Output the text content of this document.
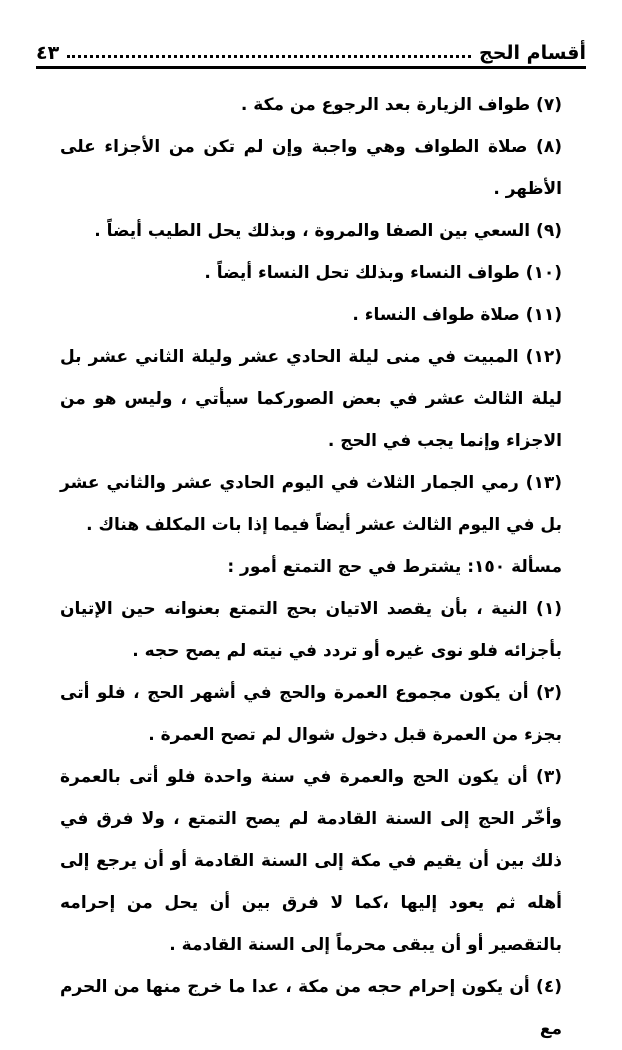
أقسام الحج
٤٣

(٧) طواف الزيارة بعد الرجوع من مكة .

(٨) صلاة الطواف وهي واجبة وإن لم تكن من الأجزاء على الأظهر .

(٩) السعي بين الصفا والمروة ، وبذلك يحل الطيب أيضاً .

(١٠) طواف النساء وبذلك تحل النساء أيضاً .

(١١) صلاة طواف النساء .

(١٢) المبيت في منى ليلة الحادي عشر وليلة الثاني عشر بل ليلة الثالث عشر في بعض الصوركما سيأتي ، وليس هو من الاجزاء وإنما يجب في الحج .

(١٣) رمي الجمار الثلاث في اليوم الحادي عشر والثاني عشر بل في اليوم الثالث عشر أيضاً فيما إذا بات المكلف هناك .

مسألة ١٥٠: يشترط في حج التمتع أمور :

(١) النية ، بأن يقصد الاتيان بحج التمتع بعنوانه حين الإتيان بأجزائه فلو نوى غيره أو تردد في نيته لم يصح حجه .

(٢) أن يكون مجموع العمرة والحج في أشهر الحج ، فلو أتى بجزء من العمرة قبل دخول شوال لم تصح العمرة .

(٣) أن يكون الحج والعمرة في سنة واحدة فلو أتى بالعمرة وأخّر الحج إلى السنة القادمة لم يصح التمتع ، ولا فرق في ذلك بين أن يقيم في مكة إلى السنة القادمة أو أن يرجع إلى أهله ثم يعود إليها ،كما لا فرق بين أن يحل من إحرامه بالتقصير أو أن يبقى محرماً إلى السنة القادمة .

(٤) أن يكون إحرام حجه من مكة ، عدا ما خرج منها من الحرم مع
